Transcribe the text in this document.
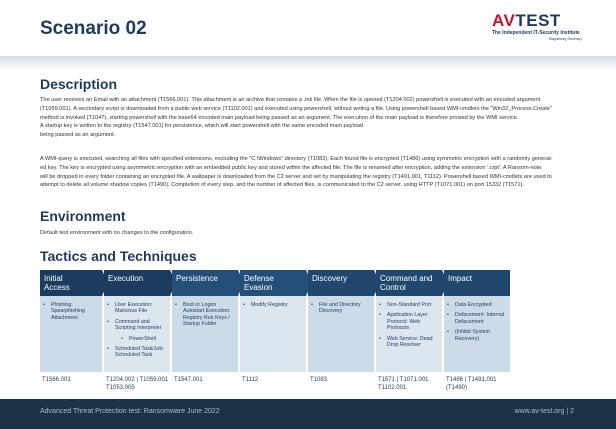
Scenario 02	AVTEST
The Independent IT-Security Institute
Magdeburg Germany
Description
The user receives an Email with an attachment (T1566.001). This attachment is an archive that contains a .lnk file. When the file is opened (T1204.002) powershell is executed with an encoded argument
(T1059.001). A secondary script is downloaded from a public web service (T1102.001) and executed using powershell, without writing a file. Using powershell based WMI-cmdlets the "Win32_Process.Create"
method is invoked (T1047), starting powershell with the base64 encoded main payload being passed as an argument. The execution of the main payload is therefore proxied by the WMI service.
A startup key is written to the registry (T1547.001) for persistence, which will start powershell with the same encoded main payload
being passed as an argument.
A WMI-query is executed, searching all files with specified extensions, excluding the "C:\Windows" directory (T1083). Each found file is encrypted (T1486) using symmetric encryption with a randomly generat-
ed key. The key is encrypted using asymmetric encryption with an embedded public key and stored within the affected file. The file is renamed after encryption, adding the extension '.crpt'. A Ransom-note
will be dropped in every folder containing an encrypted file. A wallpaper is downloaded from the C2 server and set by manipulating the registry (T1491.001, T1112). Powershell based WMI-cmdlets are used to
attempt to delete all volume shadow copies (T1490). Completion of every step, and the number of affected files, is communicated to the C2 server, using HTTP (T1071.001) on port 15332 (T1571).
Environment
Default test environment with no changes to the configuration.
Tactics and Techniques
Initial
Access
• Phishing: Spearphishing Attachment
T1566.001
Execution
• User Execution: Malicious File
• Command and Scripting Interpreter
• PowerShell
• Scheduled Task/Job: Scheduled Task
T1204.002 | T1059.001
T1053.005
Persistence
• Boot or Logon Autostart Execution: Registry Run Keys / Startup Folder
T1547.001
Defense
Evasion
• Modify Registry
T1112
Discovery
• File and Directory Discovery
T1083
Command and
Control
• Non-Standard Port
• Application Layer Protocol: Web Protocols
• Web Service: Dead Drop Resolver
T1571 | T1071.001
T1102.001
Impact
• Data Encrypted
• Defacement: Internal Defacement
• (Inhibit System Recovery)
T1486 | T1491.001
(T1490)
Advanced Threat Protection test: Ransomware June 2022	www.av-test.org | 2
